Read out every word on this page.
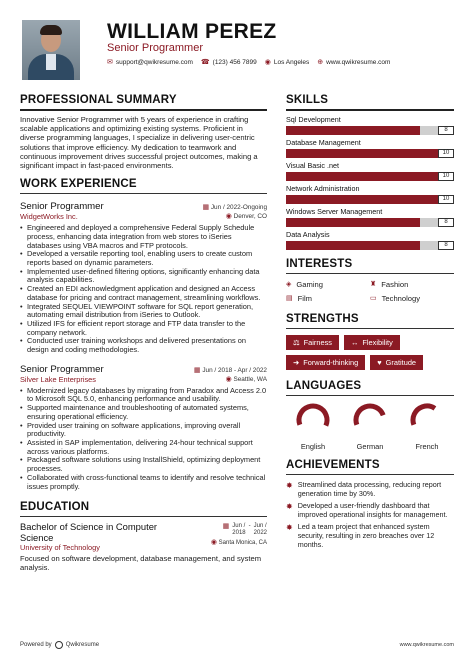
WILLIAM PEREZ
Senior Programmer
✉ support@qwikresume.com ☎ (123) 456 7899 ◉ Los Angeles ⊕ www.qwikresume.com
PROFESSIONAL SUMMARY

Innovative Senior Programmer with 5 years of experience in crafting scalable applications and optimizing existing systems. Proficient in diverse programming languages, I specialize in delivering user-centric solutions that improve efficiency. My dedication to teamwork and continuous improvement drives successful project outcomes, making a significant impact in fast-paced environments.

WORK EXPERIENCE
Senior Programmer
WidgetWorks Inc.
▦ Jun / 2022-Ongoing
◉ Denver, CO
• Engineered and deployed a comprehensive Federal Supply Schedule process, enhancing data integration from web stores to iSeries databases using VBA macros and FTP protocols.
• Developed a versatile reporting tool, enabling users to create custom reports based on dynamic parameters.
• Implemented user-defined filtering options, significantly enhancing data analysis capabilities.
• Created an EDI acknowledgment application and designed an Access database for pricing and contract management, streamlining workflows.
• Integrated SEQUEL VIEWPOINT software for SQL report generation, automating email distribution from iSeries to Outlook.
• Utilized IFS for efficient report storage and FTP data transfer to the company network.
• Conducted user training workshops and delivered presentations on design and coding methodologies.
Senior Programmer
Silver Lake Enterprises
▦ Jun / 2018 - Apr / 2022
◉ Seattle, WA
• Modernized legacy databases by migrating from Paradox and Access 2.0 to Microsoft SQL 5.0, enhancing performance and usability.
• Supported maintenance and troubleshooting of automated systems, ensuring operational efficiency.
• Provided user training on software applications, improving overall productivity.
• Assisted in SAP implementation, delivering 24-hour technical support across various platforms.
• Packaged software solutions using InstallShield, optimizing deployment processes.
• Collaborated with cross-functional teams to identify and resolve technical issues promptly.
EDUCATION
Bachelor of Science in Computer Science
University of Technology
▦ Jun /
2018
- Jun /
2022
◉ Santa Monica, CA

Focused on software development, database management, and system analysis.

SKILLS
Sql Development
8
Database Management
10
Visual Basic .net
10
Network Administration
10
Windows Server Management
8
Data Analysis
8
INTERESTS
◈ Gaming	♜ Fashion
▤ Film	▭ Technology
STRENGTHS
⚖ Fairness	↔ Flexibility
➜ Forward-thinking	♥ Gratitude
LANGUAGES
English	German	French
ACHIEVEMENTS
✸ Streamlined data processing, reducing report generation time by 30%.
✸ Developed a user-friendly dashboard that improved operational insights for management.
✸ Led a team project that enhanced system security, resulting in zero breaches over 12 months.
Powered by Qwikresume	www.qwikresume.com
